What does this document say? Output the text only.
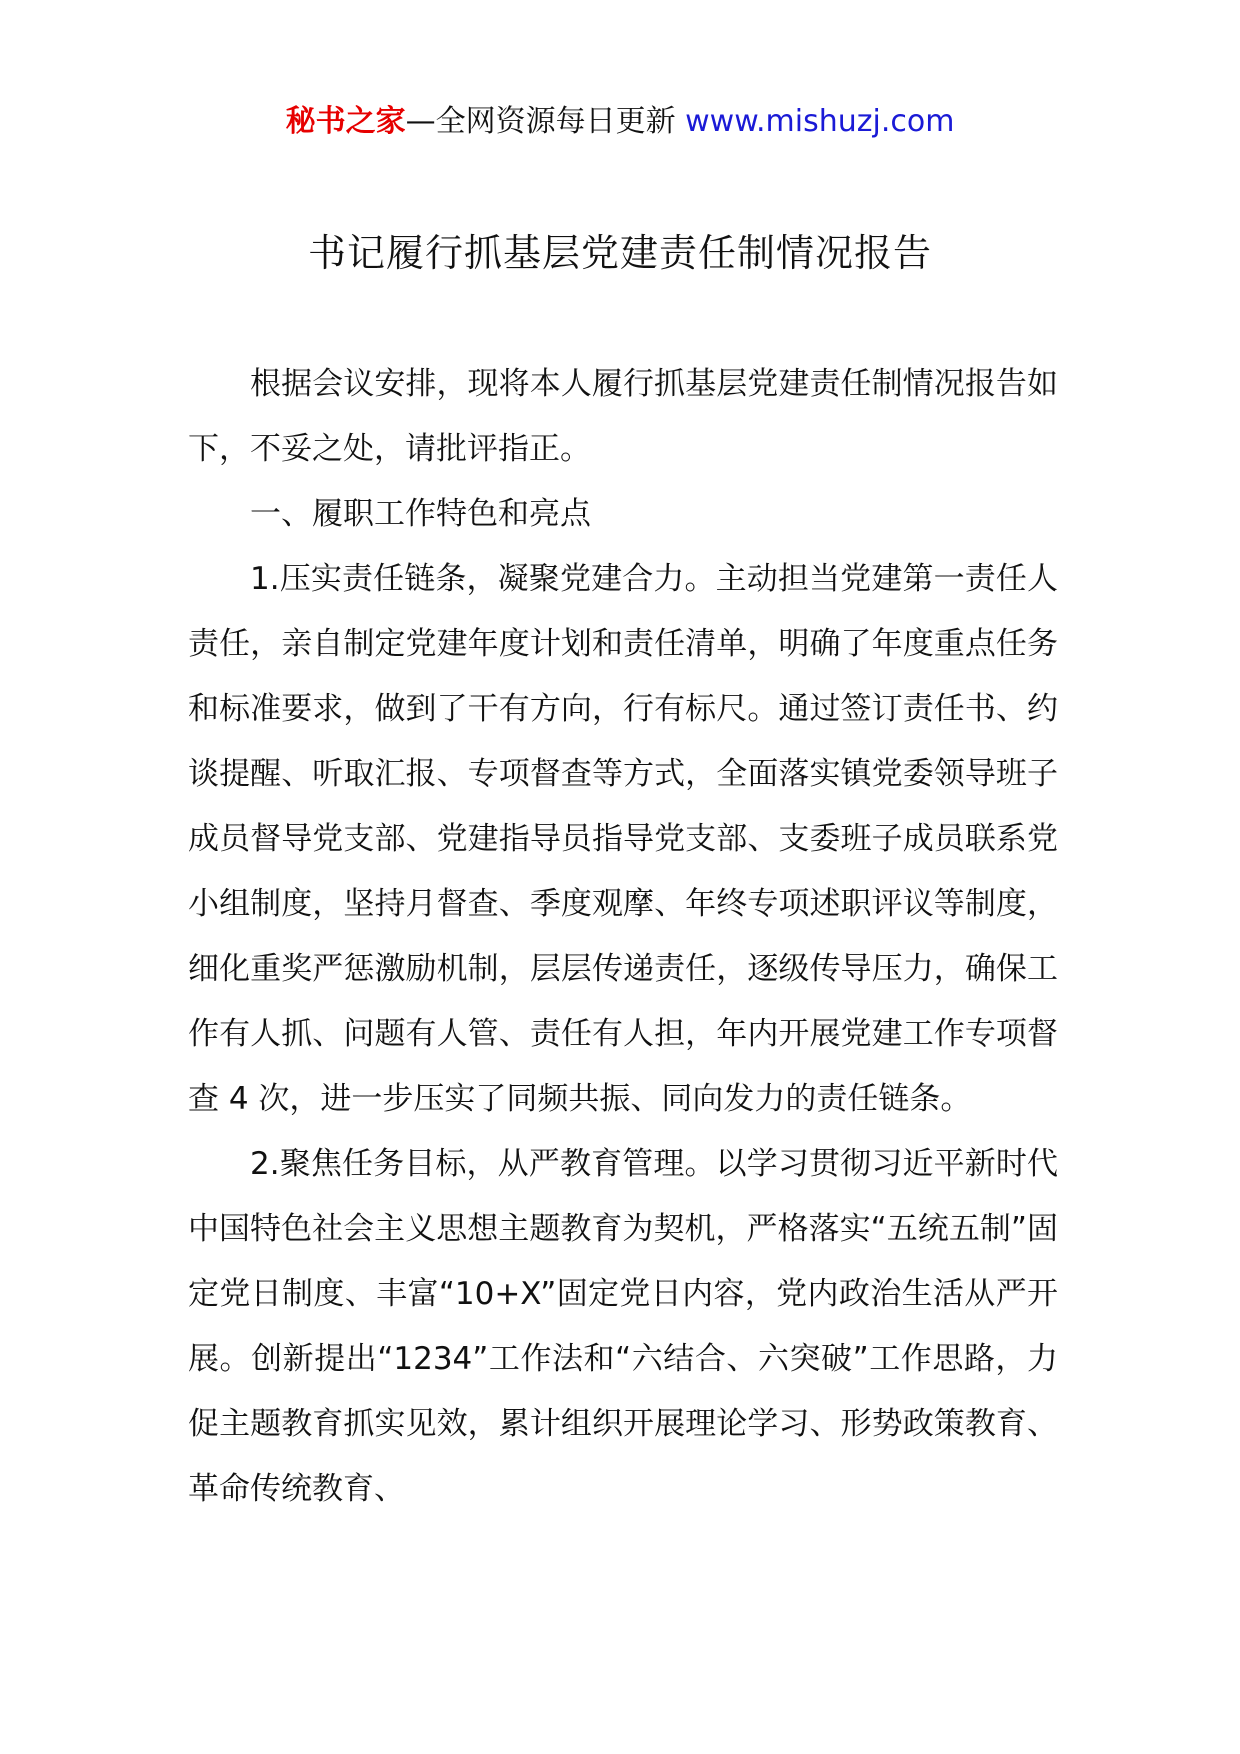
秘书之家—全网资源每日更新 www.mishuzj.com
书记履行抓基层党建责任制情况报告

根据会议安排，现将本人履行抓基层党建责任制情况报告如下，不妥之处，请批评指正。

一、履职工作特色和亮点

1.压实责任链条，凝聚党建合力。主动担当党建第一责任人责任，亲自制定党建年度计划和责任清单，明确了年度重点任务和标准要求，做到了干有方向，行有标尺。通过签订责任书、约谈提醒、听取汇报、专项督查等方式，全面落实镇党委领导班子成员督导党支部、党建指导员指导党支部、支委班子成员联系党小组制度，坚持月督查、季度观摩、年终专项述职评议等制度，细化重奖严惩激励机制，层层传递责任，逐级传导压力，确保工作有人抓、问题有人管、责任有人担，年内开展党建工作专项督查 4 次，进一步压实了同频共振、同向发力的责任链条。

2.聚焦任务目标，从严教育管理。以学习贯彻习近平新时代中国特色社会主义思想主题教育为契机，严格落实“五统五制”固定党日制度、丰富“10+X”固定党日内容，党内政治生活从严开展。创新提出“1234”工作法和“六结合、六突破”工作思路，力促主题教育抓实见效，累计组织开展理论学习、形势政策教育、革命传统教育、
